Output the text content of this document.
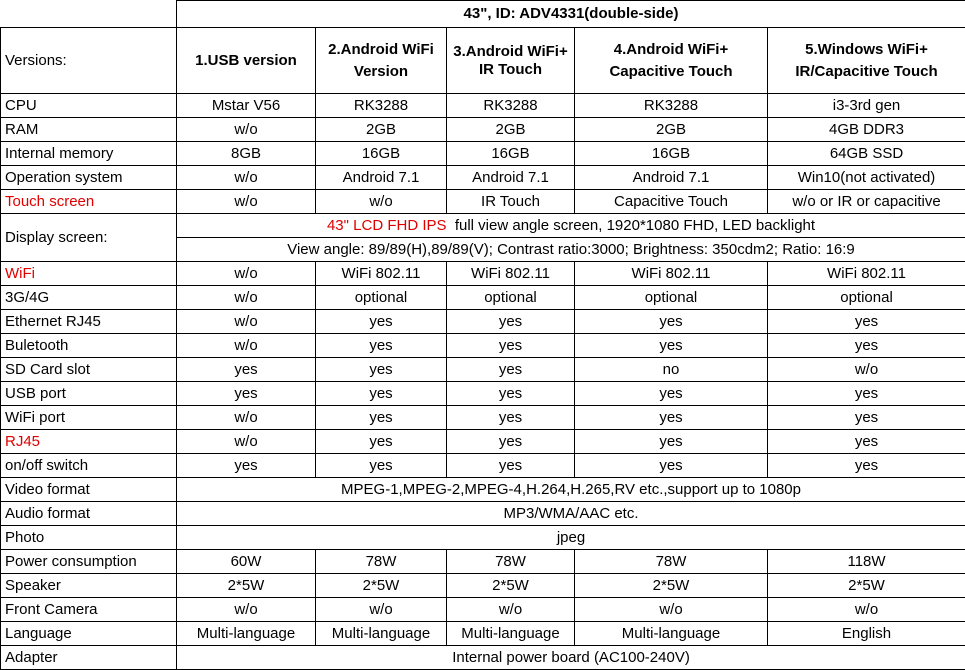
	43", ID: ADV4331(double-side)				
Versions:	1.USB version	2.Android WiFi Version	3.Android WiFi+ IR Touch	4.Android WiFi+ Capacitive Touch	5.Windows WiFi+ IR/Capacitive Touch
CPU	Mstar V56	RK3288	RK3288	RK3288	i3-3rd gen
RAM	w/o	2GB	2GB	2GB	4GB DDR3
Internal memory	8GB	16GB	16GB	16GB	64GB SSD
Operation system	w/o	Android 7.1	Android 7.1	Android 7.1	Win10(not activated)
Touch screen	w/o	w/o	IR Touch	Capacitive Touch	w/o or IR or capacitive
Display screen:	43" LCD FHD IPS full view angle screen, 1920*1080 FHD, LED backlight				
	View angle: 89/89(H),89/89(V); Contrast ratio:3000; Brightness: 350cdm2; Ratio: 16:9				
WiFi	w/o	WiFi 802.11	WiFi 802.11	WiFi 802.11	WiFi 802.11
3G/4G	w/o	optional	optional	optional	optional
Ethernet RJ45	w/o	yes	yes	yes	yes
Buletooth	w/o	yes	yes	yes	yes
SD Card slot	yes	yes	yes	no	w/o
USB port	yes	yes	yes	yes	yes
WiFi port	w/o	yes	yes	yes	yes
RJ45	w/o	yes	yes	yes	yes
on/off switch	yes	yes	yes	yes	yes
Video format	MPEG-1,MPEG-2,MPEG-4,H.264,H.265,RV etc.,support up to 1080p				
Audio format	MP3/WMA/AAC etc.				
Photo	jpeg				
Power consumption	60W	78W	78W	78W	118W
Speaker	2*5W	2*5W	2*5W	2*5W	2*5W
Front Camera	w/o	w/o	w/o	w/o	w/o
Language	Multi-language	Multi-language	Multi-language	Multi-language	English
Adapter	Internal power board (AC100-240V)				
